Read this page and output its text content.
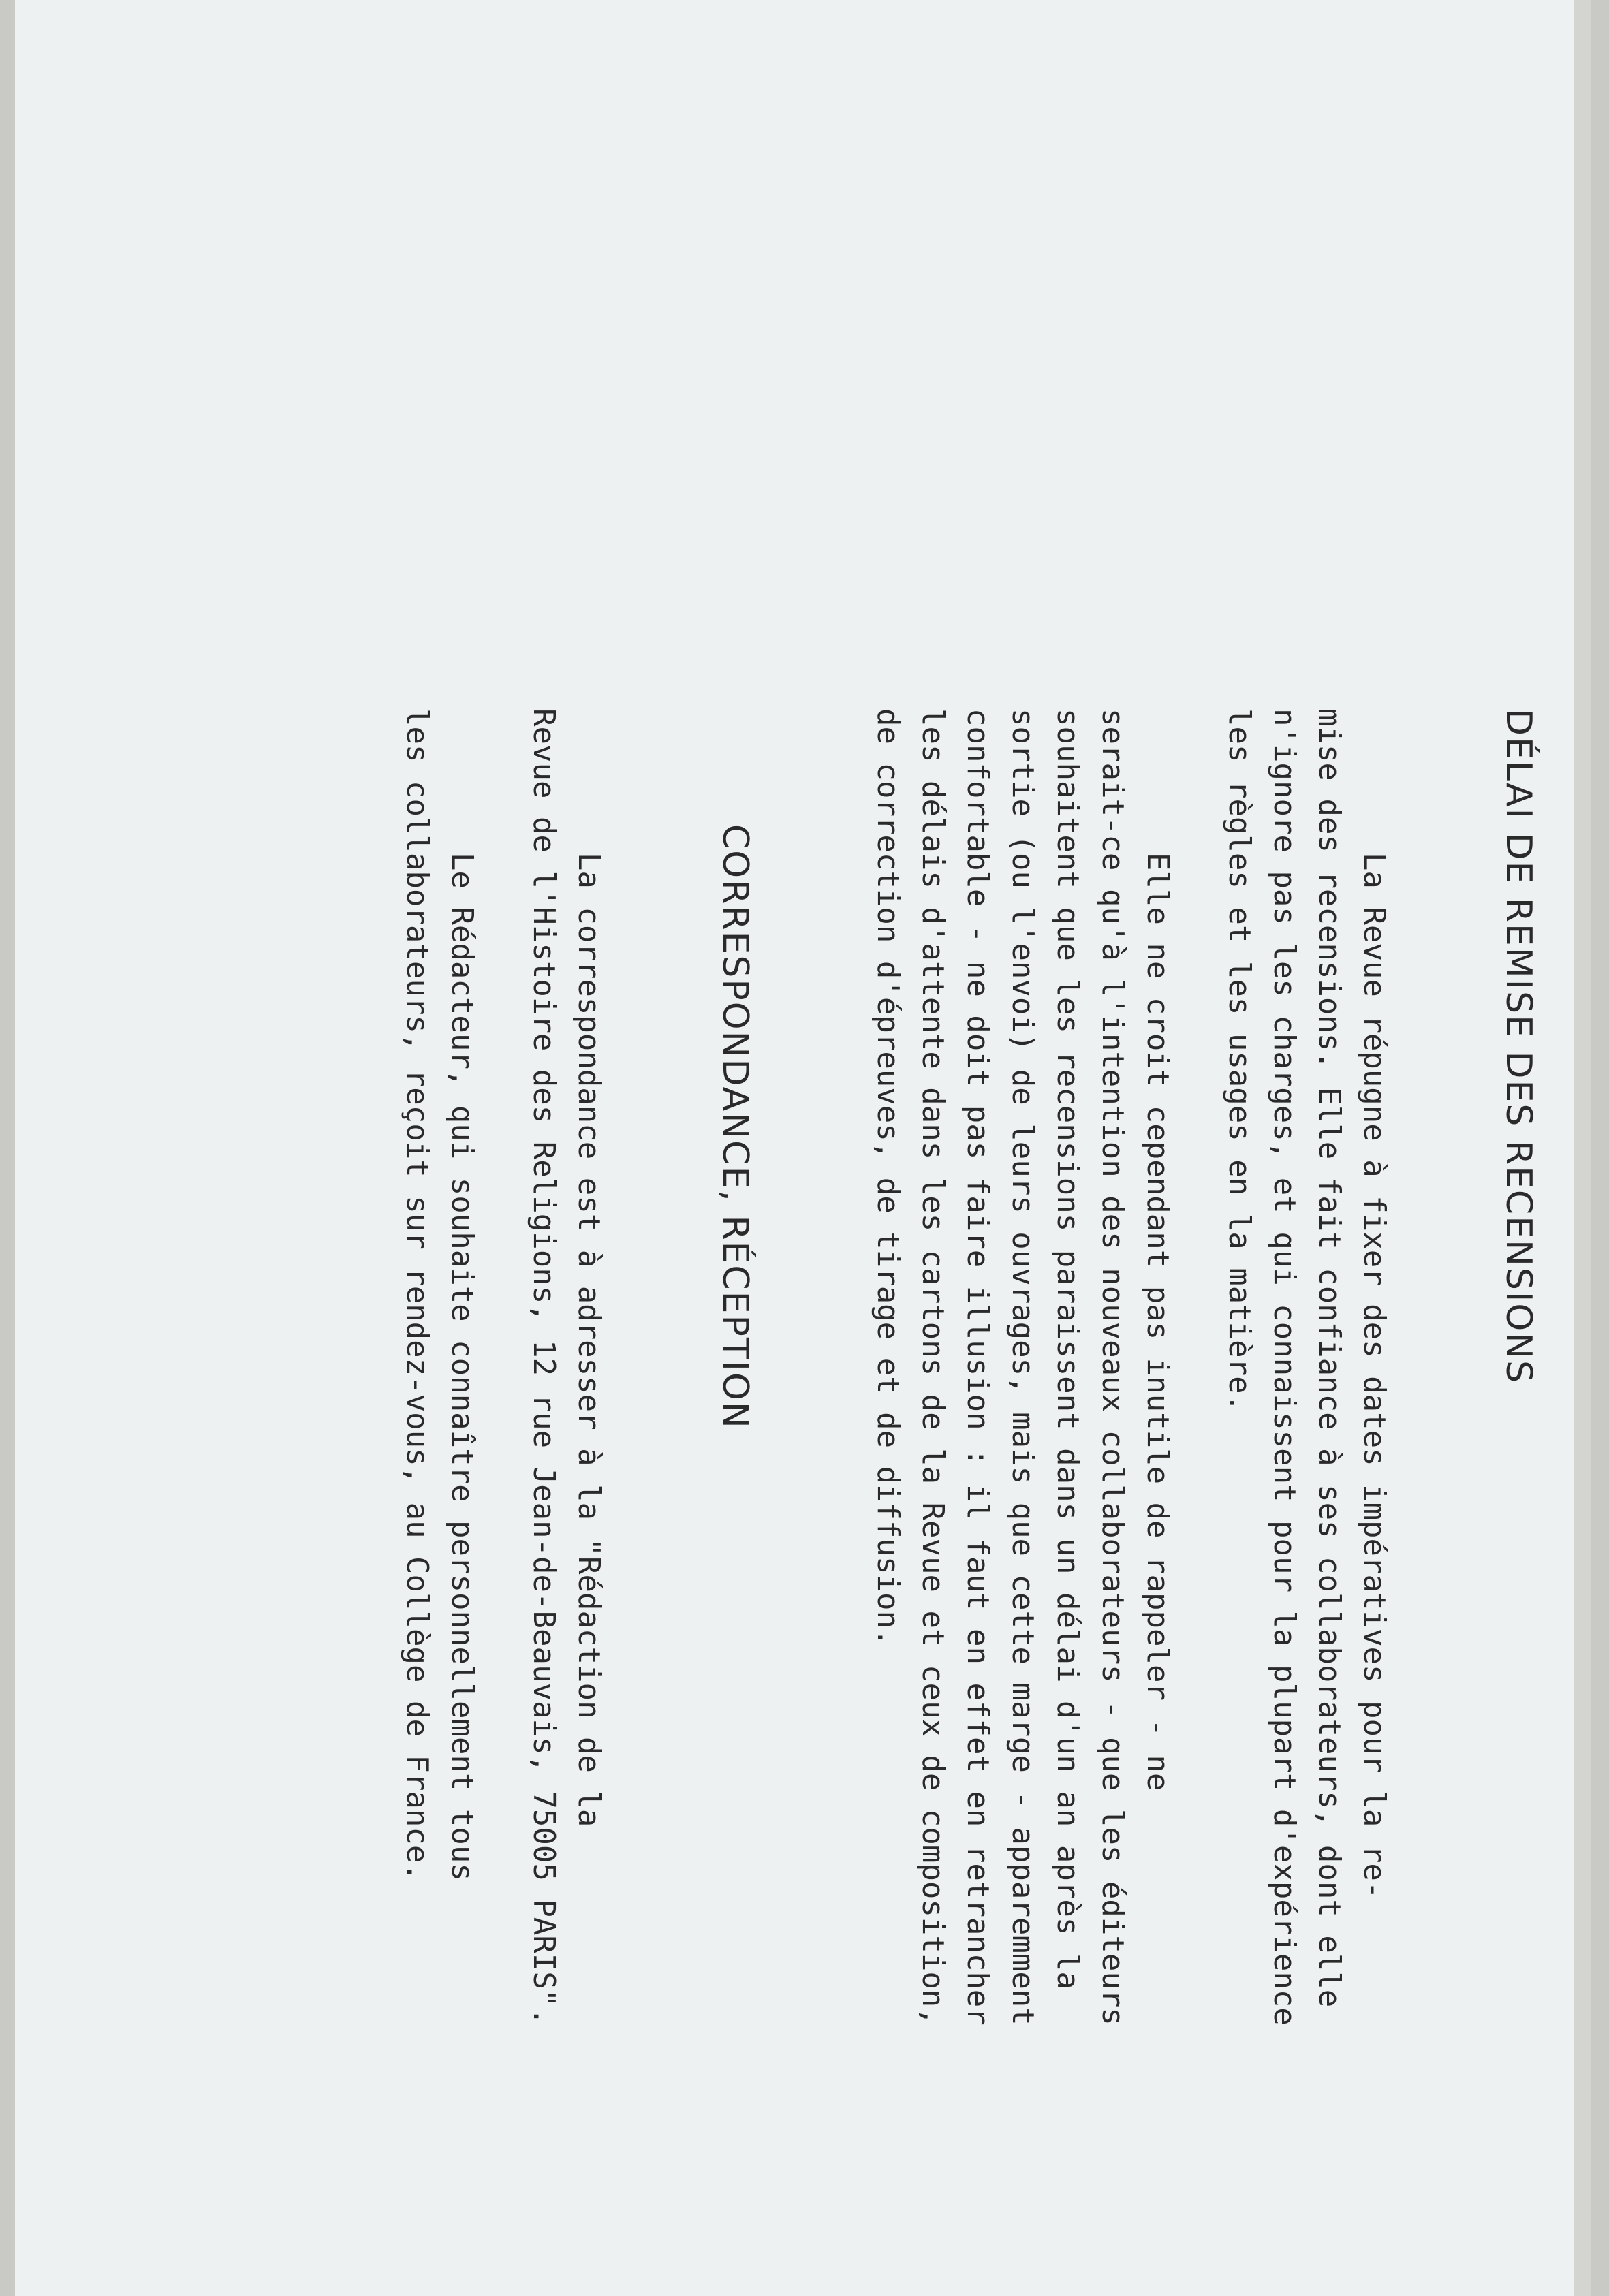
DÉLAI DE REMISE DES RECENSIONS
La Revue répugne à fixer des dates impératives pour la re-
mise des recensions. Elle fait confiance à ses collaborateurs, dont elle
n'ignore pas les charges, et qui connaissent pour la plupart d'expérience
les règles et les usages en la matière.
Elle ne croit cependant pas inutile de rappeler - ne
serait-ce qu'à l'intention des nouveaux collaborateurs - que les éditeurs
souhaitent que les recensions paraissent dans un délai d'un an après la
sortie (ou l'envoi) de leurs ouvrages, mais que cette marge - apparemment
confortable - ne doit pas faire illusion : il faut en effet en retrancher
les délais d'attente dans les cartons de la Revue et ceux de composition,
de correction d'épreuves, de tirage et de diffusion.
CORRESPONDANCE, RÉCEPTION
La correspondance est à adresser à la "Rédaction de la
Revue de l'Histoire des Religions, 12 rue Jean-de-Beauvais, 75005 PARIS".
Le Rédacteur, qui souhaite connaître personnellement tous
les collaborateurs, reçoit sur rendez-vous, au Collège de France.
